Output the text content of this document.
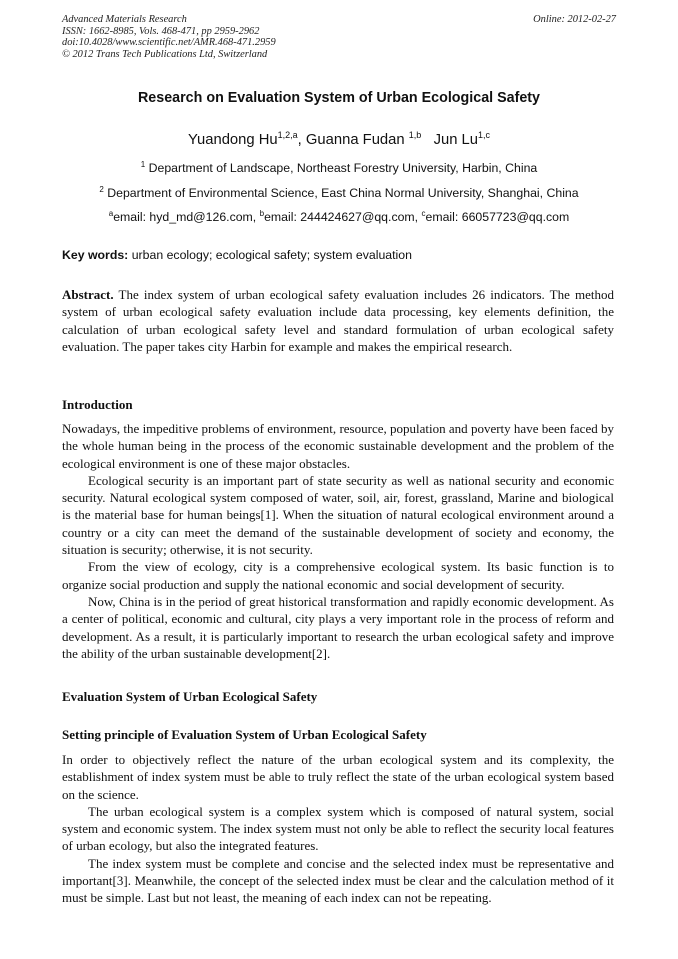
Advanced Materials Research
ISSN: 1662-8985, Vols. 468-471, pp 2959-2962
doi:10.4028/www.scientific.net/AMR.468-471.2959
© 2012 Trans Tech Publications Ltd, Switzerland
Online: 2012-02-27
Research on Evaluation System of Urban Ecological Safety
Yuandong Hu$^{1,2,a}$, Guanna Fudan $^{1,b}$ Jun Lu$^{1,c}$
$^1$ Department of Landscape, Northeast Forestry University, Harbin, China
$^2$ Department of Environmental Science, East China Normal University, Shanghai, China
$^a$email: hyd_md@126.com, $^b$email: 244424627@qq.com, $^c$email: 66057723@qq.com
Key words: urban ecology; ecological safety; system evaluation

Abstract. The index system of urban ecological safety evaluation includes 26 indicators. The method system of urban ecological safety evaluation include data processing, key elements definition, the calculation of urban ecological safety level and standard formulation of urban ecological safety evaluation. The paper takes city Harbin for example and makes the empirical research.

Introduction

Nowadays, the impeditive problems of environment, resource, population and poverty have been faced by the whole human being in the process of the economic sustainable development and the problem of the ecological environment is one of these major obstacles.

Ecological security is an important part of state security as well as national security and economic security. Natural ecological system composed of water, soil, air, forest, grassland, Marine and biological is the material base for human beings[1]. When the situation of natural ecological environment around a country or a city can meet the demand of the sustainable development of society and economy, the situation is security; otherwise, it is not security.

From the view of ecology, city is a comprehensive ecological system. Its basic function is to organize social production and supply the national economic and social development of security.

Now, China is in the period of great historical transformation and rapidly economic development. As a center of political, economic and cultural, city plays a very important role in the process of reform and development. As a result, it is particularly important to research the urban ecological safety and improve the ability of the urban sustainable development[2].

Evaluation System of Urban Ecological Safety
Setting principle of Evaluation System of Urban Ecological Safety

In order to objectively reflect the nature of the urban ecological system and its complexity, the establishment of index system must be able to truly reflect the state of the urban ecological system based on the science.

The urban ecological system is a complex system which is composed of natural system, social system and economic system. The index system must not only be able to reflect the security local features of urban ecology, but also the integrated features.

The index system must be complete and concise and the selected index must be representative and important[3]. Meanwhile, the concept of the selected index must be clear and the calculation method of it must be simple. Last but not least, the meaning of each index can not be repeating.
